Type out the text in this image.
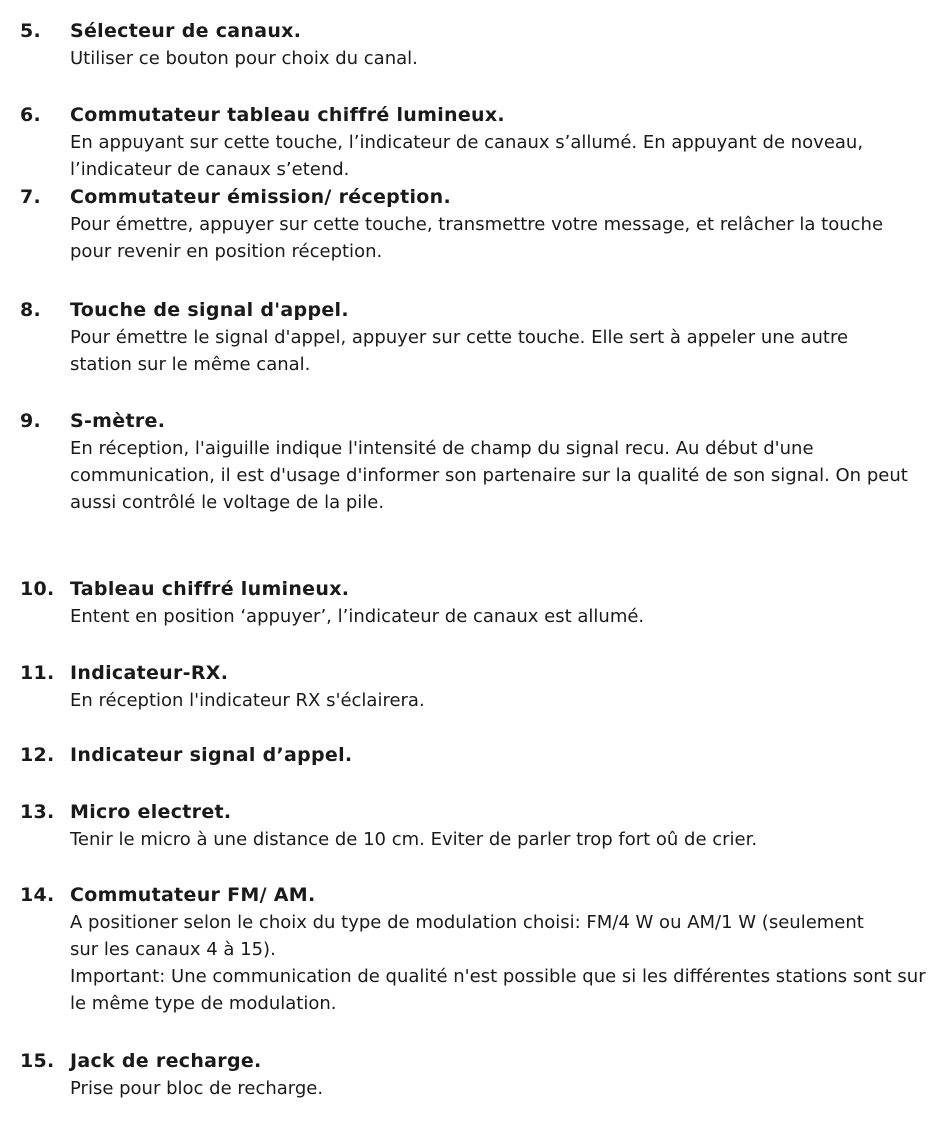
5. Sélecteur de canaux.

Utiliser ce bouton pour choix du canal.

6. Commutateur tableau chiffré lumineux.

En appuyant sur cette touche, l’indicateur de canaux s’allumé. En appuyant de noveau, l’indicateur de canaux s’etend.

7. Commutateur émission/ réception.

Pour émettre, appuyer sur cette touche, transmettre votre message, et relâcher la touche pour revenir en position réception.

8. Touche de signal d'appel.

Pour émettre le signal d'appel, appuyer sur cette touche. Elle sert à appeler une autre station sur le même canal.

9. S-mètre.

En réception, l'aiguille indique l'intensité de champ du signal recu. Au début d'une communication, il est d'usage d'informer son partenaire sur la qualité de son signal. On peut aussi contrôlé le voltage de la pile.

10. Tableau chiffré lumineux.

Entent en position ‘appuyer’, l’indicateur de canaux est allumé.

11. Indicateur-RX.

En réception l'indicateur RX s'éclairera.

12. Indicateur signal d’appel.
13. Micro electret.

Tenir le micro à une distance de 10 cm. Eviter de parler trop fort oû de crier.

14. Commutateur FM/ AM.

A positioner selon le choix du type de modulation choisi: FM/4 W ou AM/1 W (seulement sur les canaux 4 à 15).

Important: Une communication de qualité n'est possible que si les différentes stations sont sur le même type de modulation.

15. Jack de recharge.

Prise pour bloc de recharge.
